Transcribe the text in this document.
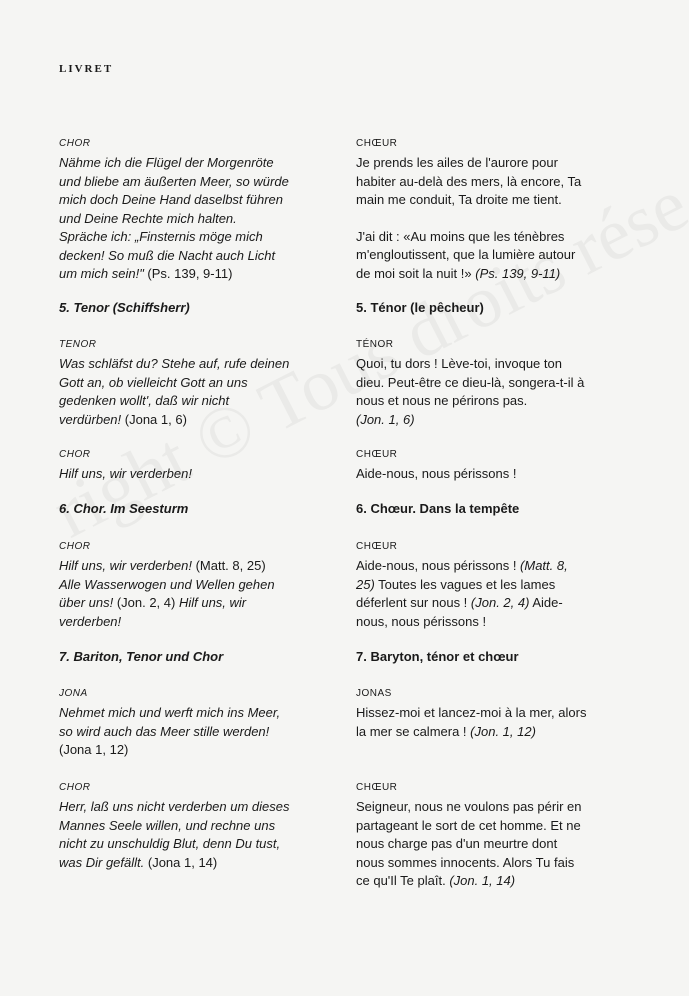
LIVRET
CHOR
Nähme ich die Flügel der Morgenröte
und bliebe am äußerten Meer, so würde
mich doch Deine Hand daselbst führen
und Deine Rechte mich halten.
Spräche ich: „Finsternis möge mich
decken! So muß die Nacht auch Licht
um mich sein!" (Ps. 139, 9-11)
5. Tenor (Schiffsherr)
TENOR
Was schläfst du? Stehe auf, rufe deinen
Gott an, ob vielleicht Gott an uns
gedenken wollt', daß wir nicht
verdürben! (Jona 1, 6)
CHOR
Hilf uns, wir verderben!
6. Chor. Im Seesturm
CHOR
Hilf uns, wir verderben! (Matt. 8, 25)
Alle Wasserwogen und Wellen gehen
über uns! (Jon. 2, 4) Hilf uns, wir
verderben!
7. Bariton, Tenor und Chor
JONA
Nehmet mich und werft mich ins Meer,
so wird auch das Meer stille werden!
(Jona 1, 12)
CHOR
Herr, laß uns nicht verderben um dieses
Mannes Seele willen, und rechne uns
nicht zu unschuldig Blut, denn Du tust,
was Dir gefällt. (Jona 1, 14)
CHŒUR
Je prends les ailes de l'aurore pour
habiter au-delà des mers, là encore, Ta
main me conduit, Ta droite me tient.
J'ai dit : «Au moins que les ténèbres
m'engloutissent, que la lumière autour
de moi soit la nuit !» (Ps. 139, 9-11)
5. Ténor (le pêcheur)
TÉNOR
Quoi, tu dors ! Lève-toi, invoque ton
dieu. Peut-être ce dieu-là, songera-t-il à
nous et nous ne périrons pas.
(Jon. 1, 6)
CHŒUR
Aide-nous, nous périssons !
6. Chœur. Dans la tempête
CHŒUR
Aide-nous, nous périssons ! (Matt. 8,
25) Toutes les vagues et les lames
déferlent sur nous ! (Jon. 2, 4) Aide-
nous, nous périssons !
7. Baryton, ténor et chœur
JONAS
Hissez-moi et lancez-moi à la mer, alors
la mer se calmera ! (Jon. 1, 12)
CHŒUR
Seigneur, nous ne voulons pas périr en
partageant le sort de cet homme. Et ne
nous charge pas d'un meurtre dont
nous sommes innocents. Alors Tu fais
ce qu'Il Te plaît. (Jon. 1, 14)
